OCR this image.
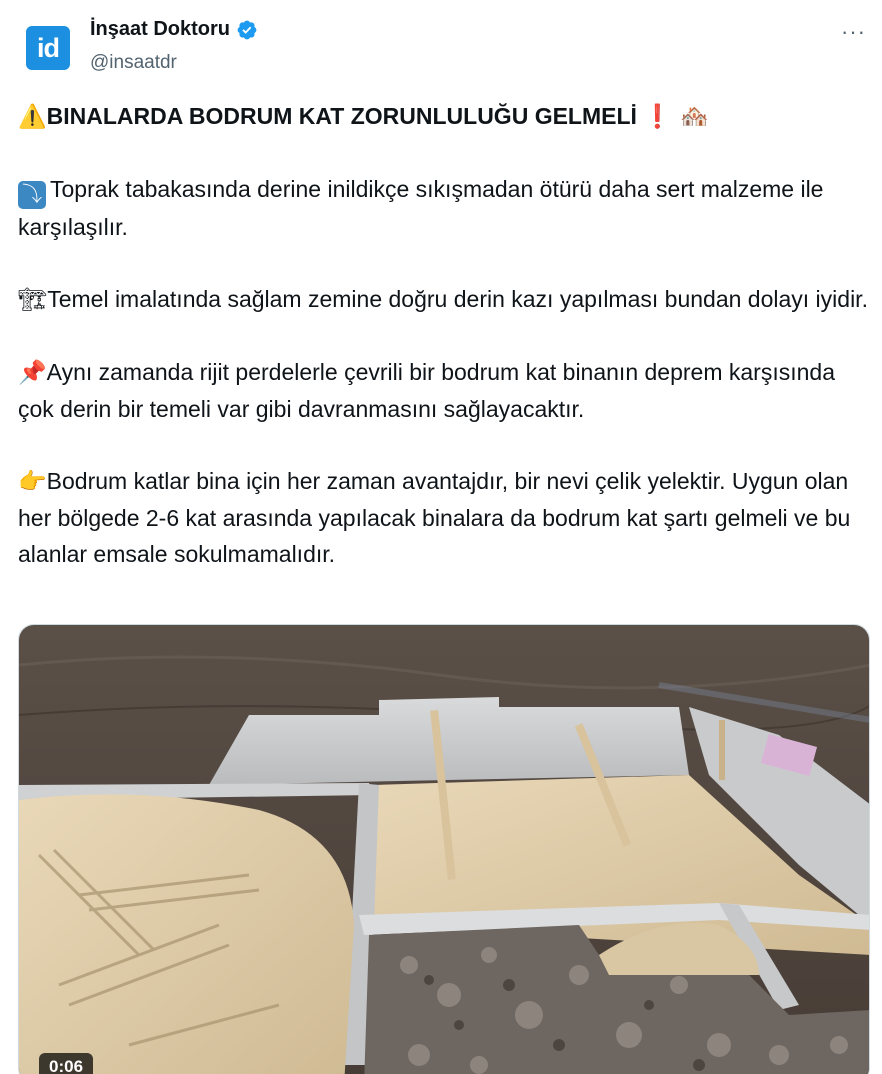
id
İnşaat Doktoru
@insaatdr
···

⚠️BINALARDA BODRUM KAT ZORUNLULUĞU GELMELİ ❗ 🏘️

⤵ Toprak tabakasında derine inildikçe sıkışmadan ötürü daha sert malzeme ile karşılaşılır.

🏗Temel imalatında sağlam zemine doğru derin kazı yapılması bundan dolayı iyidir.

📌Aynı zamanda rijit perdelerle çevrili bir bodrum kat binanın deprem karşısında çok derin bir temeli var gibi davranmasını sağlayacaktır.

👉Bodrum katlar bina için her zaman avantajdır, bir nevi çelik yelektir. Uygun olan her bölgede 2-6 kat arasında yapılacak binalara da bodrum kat şartı gelmeli ve bu alanlar emsale sokulmamalıdır.

0:06
